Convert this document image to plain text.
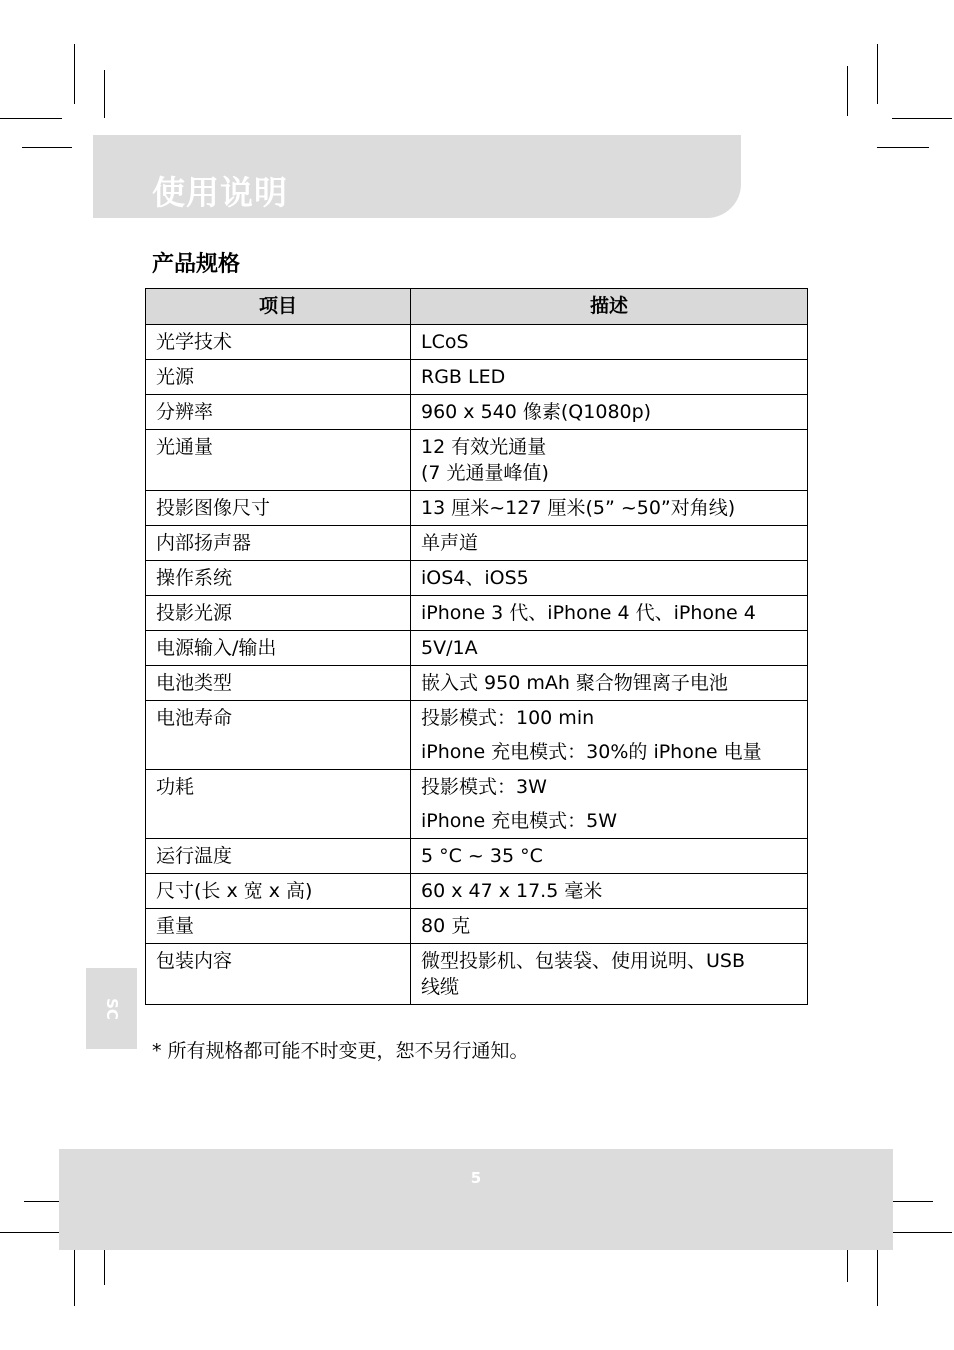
使用说明
产品规格
项目	描述
光学技术	LCoS
光源	RGB LED
分辨率	960 x 540 像素(Q1080p)
光通量	12 有效光通量
(7 光通量峰值)

投影图像尺寸	13 厘米~127 厘米(5” ~50”对角线)
内部扬声器	单声道
操作系统	iOS4、iOS5
投影光源	iPhone 3 代、iPhone 4 代、iPhone 4
电源输入/输出	5V/1A
电池类型	嵌入式 950 mAh 聚合物锂离子电池
电池寿命	投影模式：100 min
iPhone 充电模式：30%的 iPhone 电量

功耗	投影模式：3W
iPhone 充电模式：5W

运行温度	5 °C ~ 35 °C
尺寸(长 x 宽 x 高)	60 x 47 x 17.5 毫米
重量	80 克
包装内容	微型投影机、包装袋、使用说明、USB
线缆
* 所有规格都可能不时变更，恕不另行通知。
SC
5
